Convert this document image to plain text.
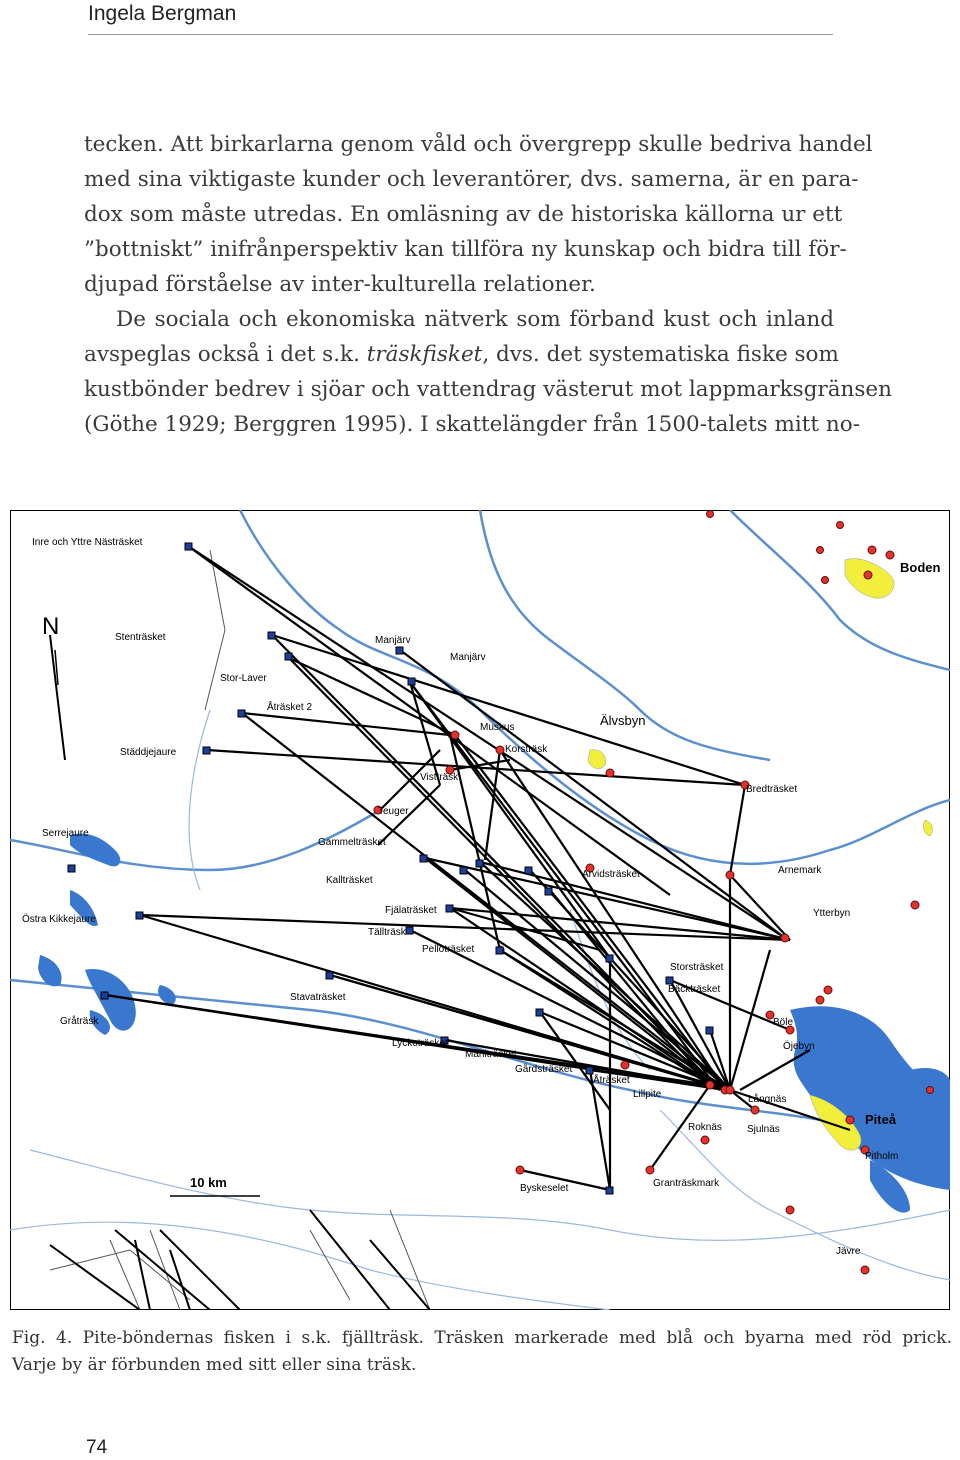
Ingela Bergman
tecken. Att birkarlarna genom våld och övergrepp skulle bedriva handel
med sina viktigaste kunder och leverantörer, dvs. samerna, är en para-
dox som måste utredas. En omläsning av de historiska källorna ur ett
”bottniskt” inifrånperspektiv kan tillföra ny kunskap och bidra till för-
djupad förståelse av inter-kulturella relationer.
De sociala och ekonomiska nätverk som förband kust och inland
avspeglas också i det s.k. träskfisket, dvs. det systematiska fiske som
kustbönder bedrev i sjöar och vattendrag västerut mot lappmarksgränsen
(Göthe 1929; Berggren 1995). I skattelängder från 1500-talets mitt no-
N
10 km
Inre och Yttre Nästräsket
Boden
Stenträsket	Manjärv
Manjärv
Stor-Laver
Åträsket 2
Muskus	Älvsbyn
Städdjejaure	Korsträsk
Vistträsk
Bredträsket
Teuger
Serrejaure
Gammelträsket
Kallträsket
Arvidsträsket	Arnemark
Östra Kikkejaure
Fjälaträsket
Tällträsk
Ytterbyn
Pelloträsket
Storsträsket
Bäckträsket
Stavaträsket
Gråträsk	Böle
Lyckoträsket
Maniträsket
Öjebyn
Gårdsträsket
Åträsket
Lillpite	Långnäs
Piteå
Roknäs	Sjulnäs
Pitholm
Byskeselet	Granträskmark
Jävre
Fig. 4. Pite-böndernas fisken i s.k. fjällträsk. Träsken markerade med blå och byarna med röd prick.
Varje by är förbunden med sitt eller sina träsk.
74
